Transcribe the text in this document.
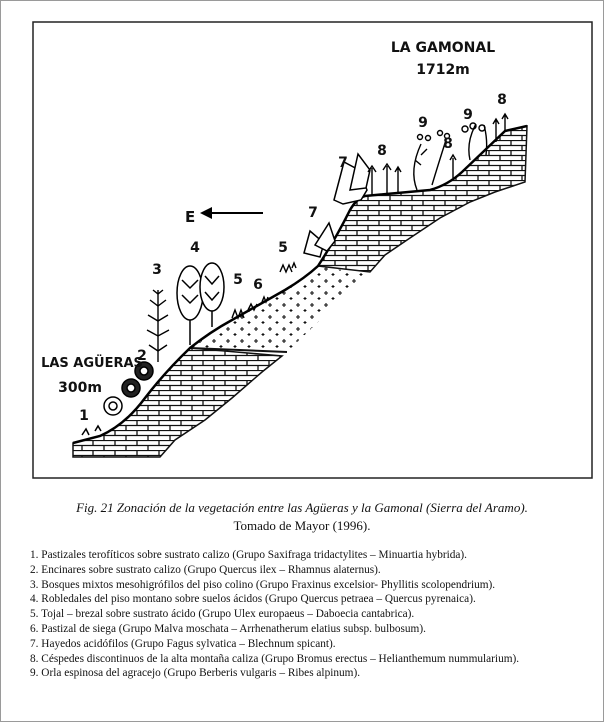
E
LA GAMONAL
1712m
LAS AGÜERAS
300m
1
2
3
4
5 6
5
7
7
8
9
8
9
8
Fig. 21 Zonación de la vegetación entre las Agüeras y la Gamonal (Sierra del Aramo).
Tomado de Mayor (1996).
1. Pastizales terofíticos sobre sustrato calizo (Grupo Saxifraga tridactylites – Minuartia hybrida).
2. Encinares sobre sustrato calizo (Grupo Quercus ilex – Rhamnus alaternus).
3. Bosques mixtos mesohigrófilos del piso colino (Grupo Fraxinus excelsior- Phyllitis scolopendrium).
4. Robledales del piso montano sobre suelos ácidos (Grupo Quercus petraea – Quercus pyrenaica).
5. Tojal – brezal sobre sustrato ácido (Grupo Ulex europaeus – Daboecia cantabrica).
6. Pastizal de siega (Grupo Malva moschata – Arrhenatherum elatius subsp. bulbosum).
7. Hayedos acidófilos (Grupo Fagus sylvatica – Blechnum spicant).
8. Céspedes discontinuos de la alta montaña caliza (Grupo Bromus erectus – Helianthemum nummularium).
9. Orla espinosa del agracejo (Grupo Berberis vulgaris – Ribes alpinum).
